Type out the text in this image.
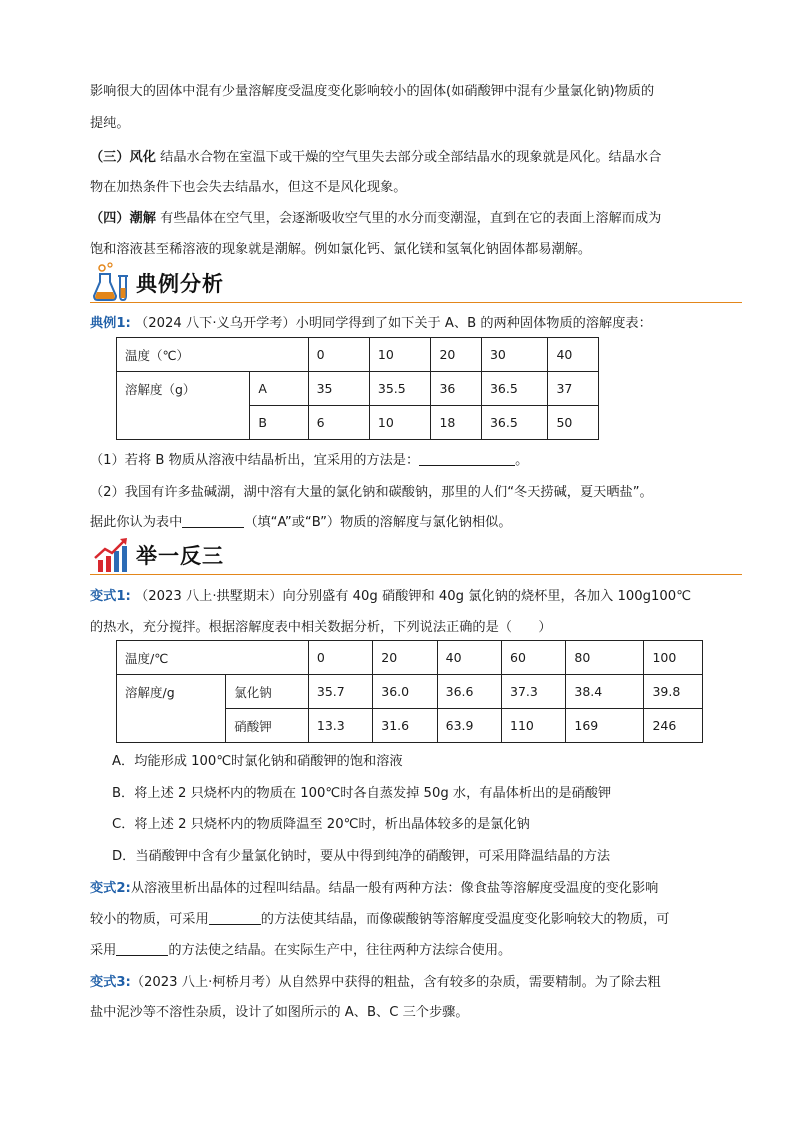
影响很大的固体中混有少量溶解度受温度变化影响较小的固体(如硝酸钾中混有少量氯化钠)物质的
提纯。
（三）风化 结晶水合物在室温下或干燥的空气里失去部分或全部结晶水的现象就是风化。结晶水合
物在加热条件下也会失去结晶水，但这不是风化现象。
（四）潮解 有些晶体在空气里，会逐渐吸收空气里的水分而变潮湿，直到在它的表面上溶解而成为
饱和溶液甚至稀溶液的现象就是潮解。例如氯化钙、氯化镁和氢氧化钠固体都易潮解。
典例分析
典例1: （2024 八下·义乌开学考）小明同学得到了如下关于 A、B 的两种固体物质的溶解度表：
温度（℃）		0	10	20	30	40
溶解度（g）	A	35	35.5	36	36.5	37
	B	6	10	18	36.5	50
（1）若将 B 物质从溶液中结晶析出，宜采用的方法是：	。
（2）我国有许多盐碱湖，湖中溶有大量的氯化钠和碳酸钠，那里的人们“冬天捞碱，夏天晒盐”。
据此你认为表中	（填“A”或“B”）物质的溶解度与氯化钠相似。
举一反三
变式1: （2023 八上·拱墅期末）向分别盛有 40g 硝酸钾和 40g 氯化钠的烧杯里，各加入 100g100℃
的热水，充分搅拌。根据溶解度表中相关数据分析，下列说法正确的是（　　）
温度/℃		0	20	40	60	80	100
溶解度/g	氯化钠	35.7	36.0	36.6	37.3	38.4	39.8
	硝酸钾	13.3	31.6	63.9	110	169	246
A．均能形成 100℃时氯化钠和硝酸钾的饱和溶液
B．将上述 2 只烧杯内的物质在 100℃时各自蒸发掉 50g 水，有晶体析出的是硝酸钾
C．将上述 2 只烧杯内的物质降温至 20℃时，析出晶体较多的是氯化钠
D．当硝酸钾中含有少量氯化钠时，要从中得到纯净的硝酸钾，可采用降温结晶的方法
变式2:从溶液里析出晶体的过程叫结晶。结晶一般有两种方法：像食盐等溶解度受温度的变化影响
较小的物质，可采用	的方法使其结晶，而像碳酸钠等溶解度受温度变化影响较大的物质，可
采用	的方法使之结晶。在实际生产中，往往两种方法综合使用。
变式3:（2023 八上·柯桥月考）从自然界中获得的粗盐，含有较多的杂质，需要精制。为了除去粗
盐中泥沙等不溶性杂质，设计了如图所示的 A、B、C 三个步骤。
